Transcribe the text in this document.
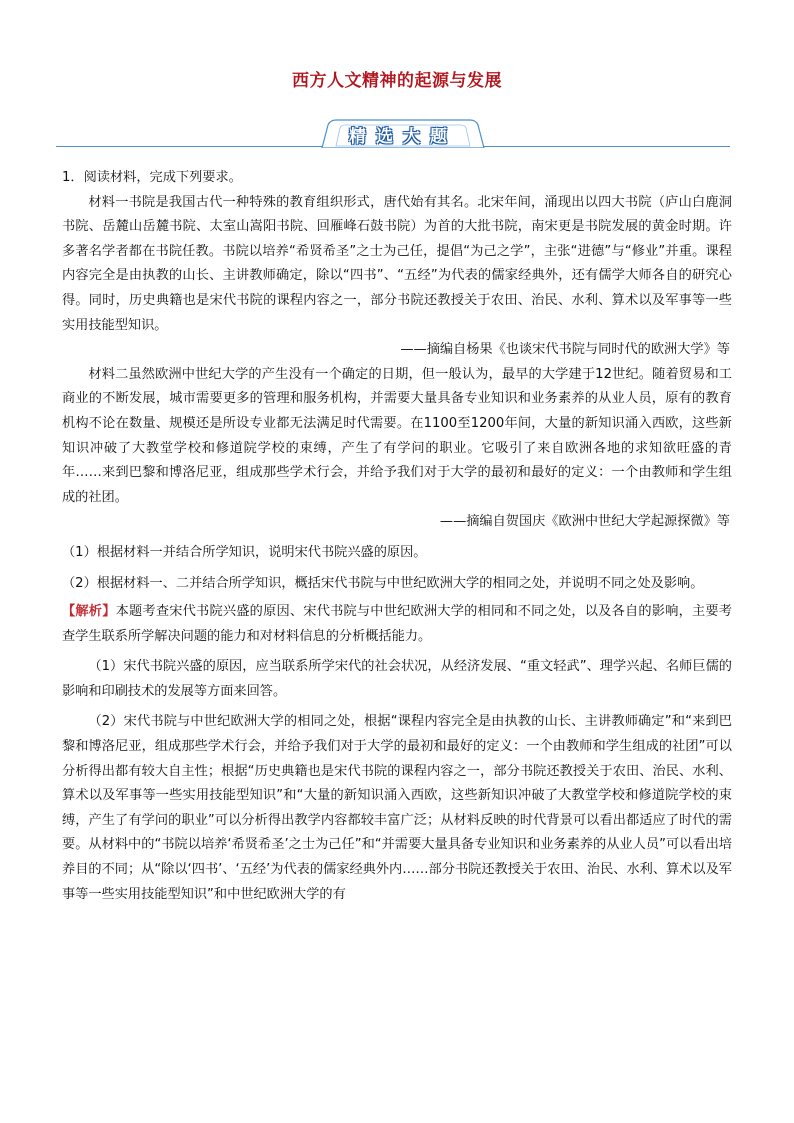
西方人文精神的起源与发展
精选大题

1．阅读材料，完成下列要求。

材料一书院是我国古代一种特殊的教育组织形式，唐代始有其名。北宋年间，涌现出以四大书院（庐山白鹿洞书院、岳麓山岳麓书院、太室山嵩阳书院、回雁峰石鼓书院）为首的大批书院，南宋更是书院发展的黄金时期。许多著名学者都在书院任教。书院以培养“希贤希圣”之士为己任，提倡“为己之学”，主张“进德”与“修业”并重。课程内容完全是由执教的山长、主讲教师确定，除以“四书”、“五经”为代表的儒家经典外，还有儒学大师各自的研究心得。同时，历史典籍也是宋代书院的课程内容之一，部分书院还教授关于农田、治民、水利、算术以及军事等一些实用技能型知识。

——摘编自杨果《也谈宋代书院与同时代的欧洲大学》等

材料二虽然欧洲中世纪大学的产生没有一个确定的日期，但一般认为，最早的大学建于12世纪。随着贸易和工商业的不断发展，城市需要更多的管理和服务机构，并需要大量具备专业知识和业务素养的从业人员，原有的教育机构不论在数量、规模还是所设专业都无法满足时代需要。在1100至1200年间，大量的新知识涌入西欧，这些新知识冲破了大教堂学校和修道院学校的束缚，产生了有学问的职业。它吸引了来自欧洲各地的求知欲旺盛的青年……来到巴黎和博洛尼亚，组成那些学术行会，并给予我们对于大学的最初和最好的定义：一个由教师和学生组成的社团。

——摘编自贺国庆《欧洲中世纪大学起源探微》等

（1）根据材料一并结合所学知识，说明宋代书院兴盛的原因。

（2）根据材料一、二并结合所学知识，概括宋代书院与中世纪欧洲大学的相同之处，并说明不同之处及影响。

【解析】本题考查宋代书院兴盛的原因、宋代书院与中世纪欧洲大学的相同和不同之处，以及各自的影响，主要考查学生联系所学解决问题的能力和对材料信息的分析概括能力。

（1）宋代书院兴盛的原因，应当联系所学宋代的社会状况，从经济发展、“重文轻武”、理学兴起、名师巨儒的影响和印刷技术的发展等方面来回答。

（2）宋代书院与中世纪欧洲大学的相同之处，根据“课程内容完全是由执教的山长、主讲教师确定”和“来到巴黎和博洛尼亚，组成那些学术行会，并给予我们对于大学的最初和最好的定义：一个由教师和学生组成的社团”可以分析得出都有较大自主性；根据“历史典籍也是宋代书院的课程内容之一，部分书院还教授关于农田、治民、水利、算术以及军事等一些实用技能型知识”和“大量的新知识涌入西欧，这些新知识冲破了大教堂学校和修道院学校的束缚，产生了有学问的职业”可以分析得出教学内容都较丰富广泛；从材料反映的时代背景可以看出都适应了时代的需要。从材料中的“书院以培养‘希贤希圣’之士为己任”和“并需要大量具备专业知识和业务素养的从业人员”可以看出培养目的不同；从“除以‘四书’、‘五经’为代表的儒家经典外内……部分书院还教授关于农田、治民、水利、算术以及军事等一些实用技能型知识”和中世纪欧洲大学的有
